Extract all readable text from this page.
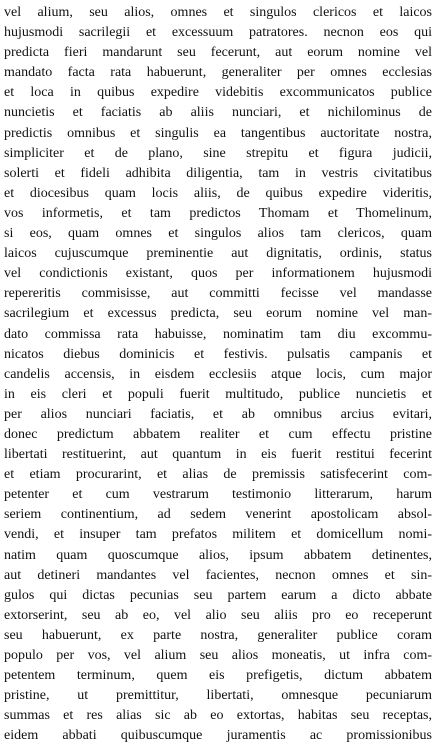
vel alium, seu alios, omnes et singulos clericos et laicos
hujusmodi sacrilegii et excessuum patratores. necnon eos qui
predicta fieri mandarunt seu fecerunt, aut eorum nomine vel
mandato facta rata habuerunt, generaliter per omnes ecclesias
et loca in quibus expedire videbitis excommunicatos publice
nuncietis et faciatis ab aliis nunciari, et nichilominus de
predictis omnibus et singulis ea tangentibus auctoritate nostra,
simpliciter et de plano, sine strepitu et figura judicii,
solerti et fideli adhibita diligentia, tam in vestris civitatibus
et diocesibus quam locis aliis, de quibus expedire videritis,
vos informetis, et tam predictos Thomam et Thomelinum,
si eos, quam omnes et singulos alios tam clericos, quam
laicos cujuscumque preminentie aut dignitatis, ordinis, status
vel condictionis existant, quos per informationem hujusmodi
repereritis commisisse, aut committi fecisse vel mandasse
sacrilegium et excessus predicta, seu eorum nomine vel man-
dato commissa rata habuisse, nominatim tam diu excommu-
nicatos diebus dominicis et festivis. pulsatis campanis et
candelis accensis, in eisdem ecclesiis atque locis, cum major
in eis cleri et populi fuerit multitudo, publice nuncietis et
per alios nunciari faciatis, et ab omnibus arcius evitari,
donec predictum abbatem realiter et cum effectu pristine
libertati restituerint, aut quantum in eis fuerit restitui fecerint
et etiam procurarint, et alias de premissis satisfecerint com-
petenter et cum vestrarum testimonio litterarum, harum
seriem continentium, ad sedem venerint apostolicam absol-
vendi, et insuper tam prefatos militem et domicellum nomi-
natim quam quoscumque alios, ipsum abbatem detinentes,
aut detineri mandantes vel facientes, necnon omnes et sin-
gulos qui dictas pecunias seu partem earum a dicto abbate
extorserint, seu ab eo, vel alio seu aliis pro eo receperunt
seu habuerunt, ex parte nostra, generaliter publice coram
populo per vos, vel alium seu alios moneatis, ut infra com-
petentem terminum, quem eis prefigetis, dictum abbatem
pristine, ut premittitur, libertati, omnesque pecuniarum
summas et res alias sic ab eo extortas, habitas seu receptas,
eidem abbati quibuscumque juramentis ac promissionibus
